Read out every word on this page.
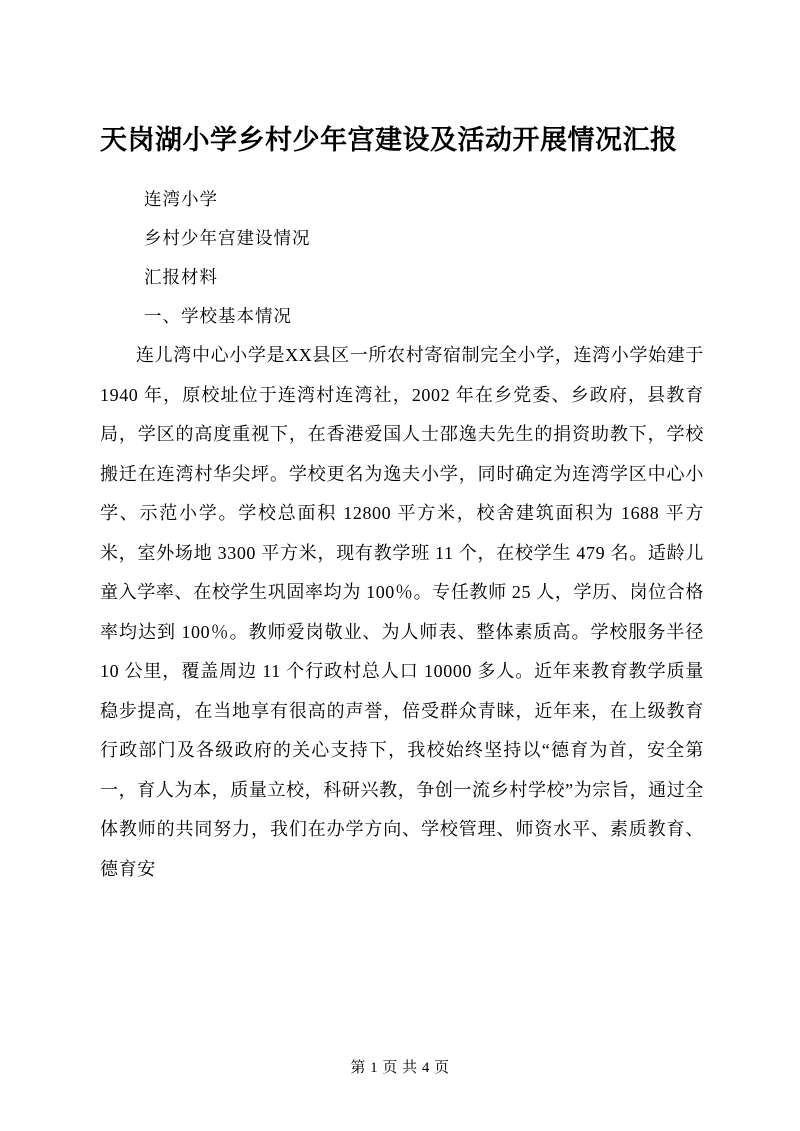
天岗湖小学乡村少年宫建设及活动开展情况汇报
连湾小学
乡村少年宫建设情况
汇报材料
一、学校基本情况

连儿湾中心小学是XX县区一所农村寄宿制完全小学，连湾小学始建于 1940 年，原校址位于连湾村连湾社，2002 年在乡党委、乡政府，县教育局，学区的高度重视下，在香港爱国人士邵逸夫先生的捐资助教下，学校搬迁在连湾村华尖坪。学校更名为逸夫小学，同时确定为连湾学区中心小学、示范小学。学校总面积 12800 平方米，校舍建筑面积为 1688 平方米，室外场地 3300 平方米，现有教学班 11 个，在校学生 479 名。适龄儿童入学率、在校学生巩固率均为 100％。专任教师 25 人，学历、岗位合格率均达到 100％。教师爱岗敬业、为人师表、整体素质高。学校服务半径 10 公里，覆盖周边 11 个行政村总人口 10000 多人。近年来教育教学质量稳步提高，在当地享有很高的声誉，倍受群众青睐，近年来，在上级教育行政部门及各级政府的关心支持下，我校始终坚持以“德育为首，安全第一，育人为本，质量立校，科研兴教，争创一流乡村学校”为宗旨，通过全体教师的共同努力，我们在办学方向、学校管理、师资水平、素质教育、德育安

第 1 页 共 4 页
